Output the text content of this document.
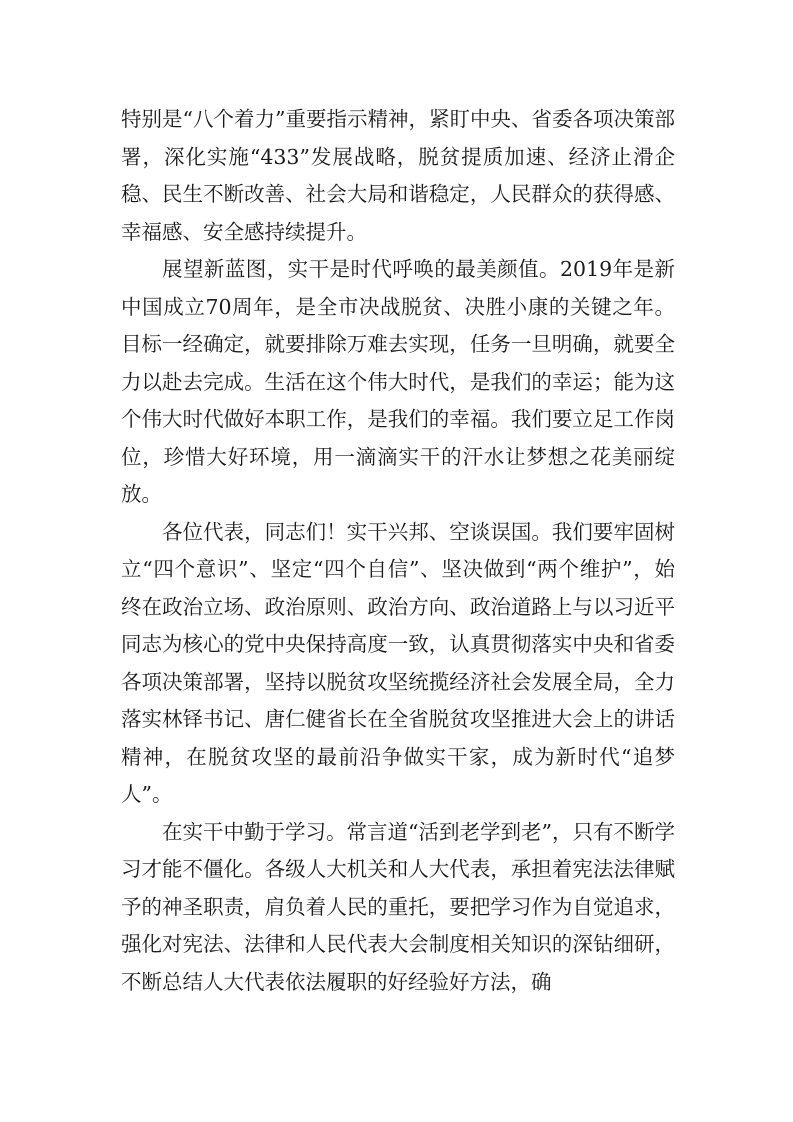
特别是“八个着力”重要指示精神，紧盯中央、省委各项决策部署，深化实施“433”发展战略，脱贫提质加速、经济止滑企稳、民生不断改善、社会大局和谐稳定，人民群众的获得感、幸福感、安全感持续提升。

展望新蓝图，实干是时代呼唤的最美颜值。2019年是新中国成立70周年，是全市决战脱贫、决胜小康的关键之年。目标一经确定，就要排除万难去实现，任务一旦明确，就要全力以赴去完成。生活在这个伟大时代，是我们的幸运；能为这个伟大时代做好本职工作，是我们的幸福。我们要立足工作岗位，珍惜大好环境，用一滴滴实干的汗水让梦想之花美丽绽放。

各位代表，同志们！实干兴邦、空谈误国。我们要牢固树立“四个意识”、坚定“四个自信”、坚决做到“两个维护”，始终在政治立场、政治原则、政治方向、政治道路上与以习近平同志为核心的党中央保持高度一致，认真贯彻落实中央和省委各项决策部署，坚持以脱贫攻坚统揽经济社会发展全局，全力落实林铎书记、唐仁健省长在全省脱贫攻坚推进大会上的讲话精神，在脱贫攻坚的最前沿争做实干家，成为新时代“追梦人”。

在实干中勤于学习。常言道“活到老学到老”，只有不断学习才能不僵化。各级人大机关和人大代表，承担着宪法法律赋予的神圣职责，肩负着人民的重托，要把学习作为自觉追求，强化对宪法、法律和人民代表大会制度相关知识的深钻细研，不断总结人大代表依法履职的好经验好方法，确
